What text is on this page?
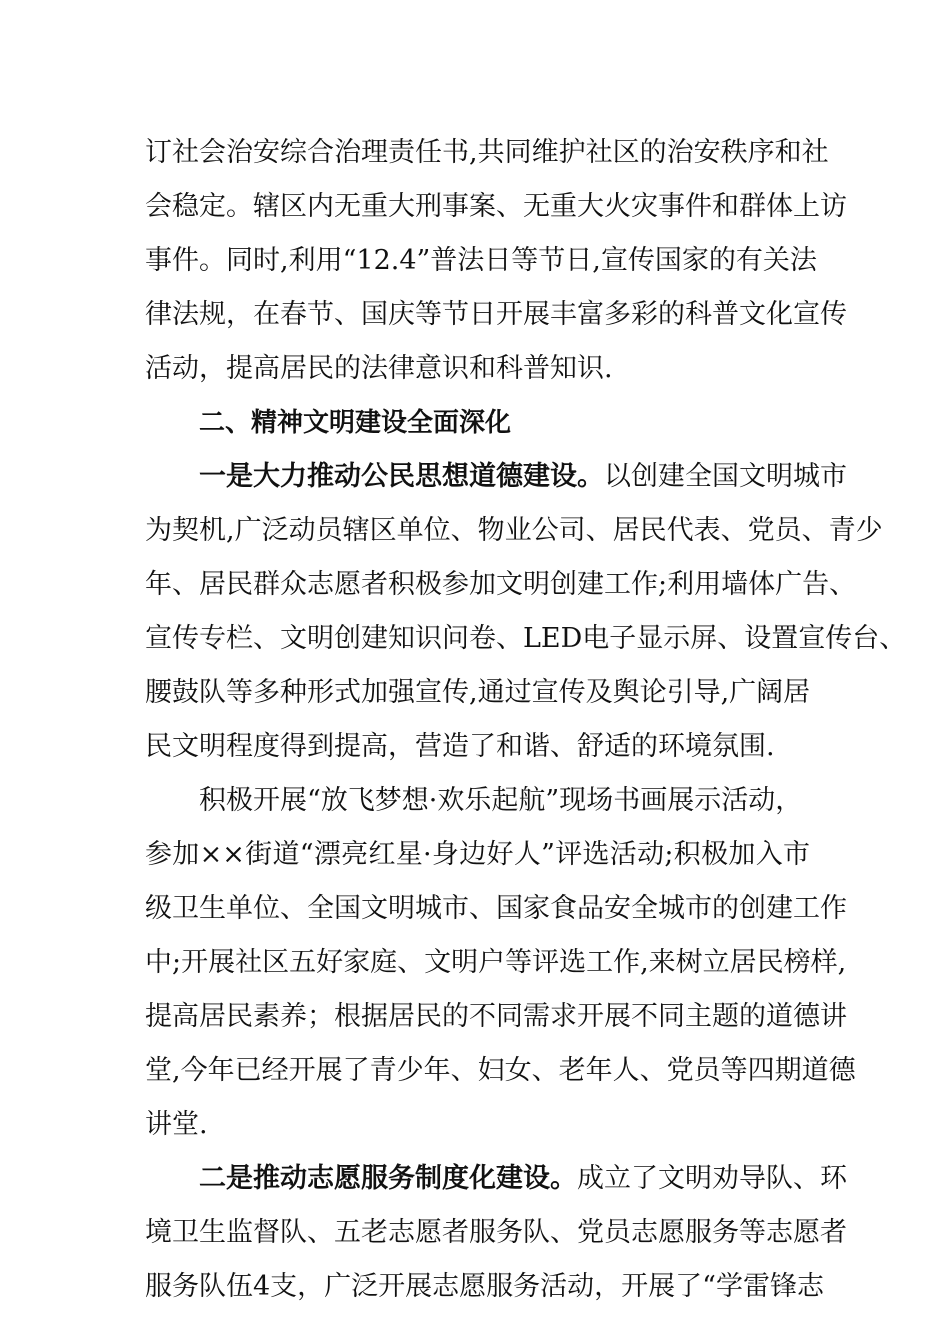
订社会治安综合治理责任书,共同维护社区的治安秩序和社
会稳定。辖区内无重大刑事案、无重大火灾事件和群体上访
事件。同时,利用“12.4”普法日等节日,宣传国家的有关法
律法规，在春节、国庆等节日开展丰富多彩的科普文化宣传
活动，提高居民的法律意识和科普知识.
二、精神文明建设全面深化
一是大力推动公民思想道德建设。以创建全国文明城市
为契机,广泛动员辖区单位、物业公司、居民代表、党员、青少
年、居民群众志愿者积极参加文明创建工作;利用墙体广告、
宣传专栏、文明创建知识问卷、LED电子显示屏、设置宣传台、
腰鼓队等多种形式加强宣传,通过宣传及舆论引导,广阔居
民文明程度得到提高，营造了和谐、舒适的环境氛围.
积极开展“放飞梦想·欢乐起航”现场书画展示活动，
参加××街道“漂亮红星·身边好人”评选活动;积极加入市
级卫生单位、全国文明城市、国家食品安全城市的创建工作
中;开展社区五好家庭、文明户等评选工作,来树立居民榜样,
提高居民素养；根据居民的不同需求开展不同主题的道德讲
堂,今年已经开展了青少年、妇女、老年人、党员等四期道德
讲堂.
二是推动志愿服务制度化建设。成立了文明劝导队、环
境卫生监督队、五老志愿者服务队、党员志愿服务等志愿者
服务队伍4支，广泛开展志愿服务活动，开展了“学雷锋志
